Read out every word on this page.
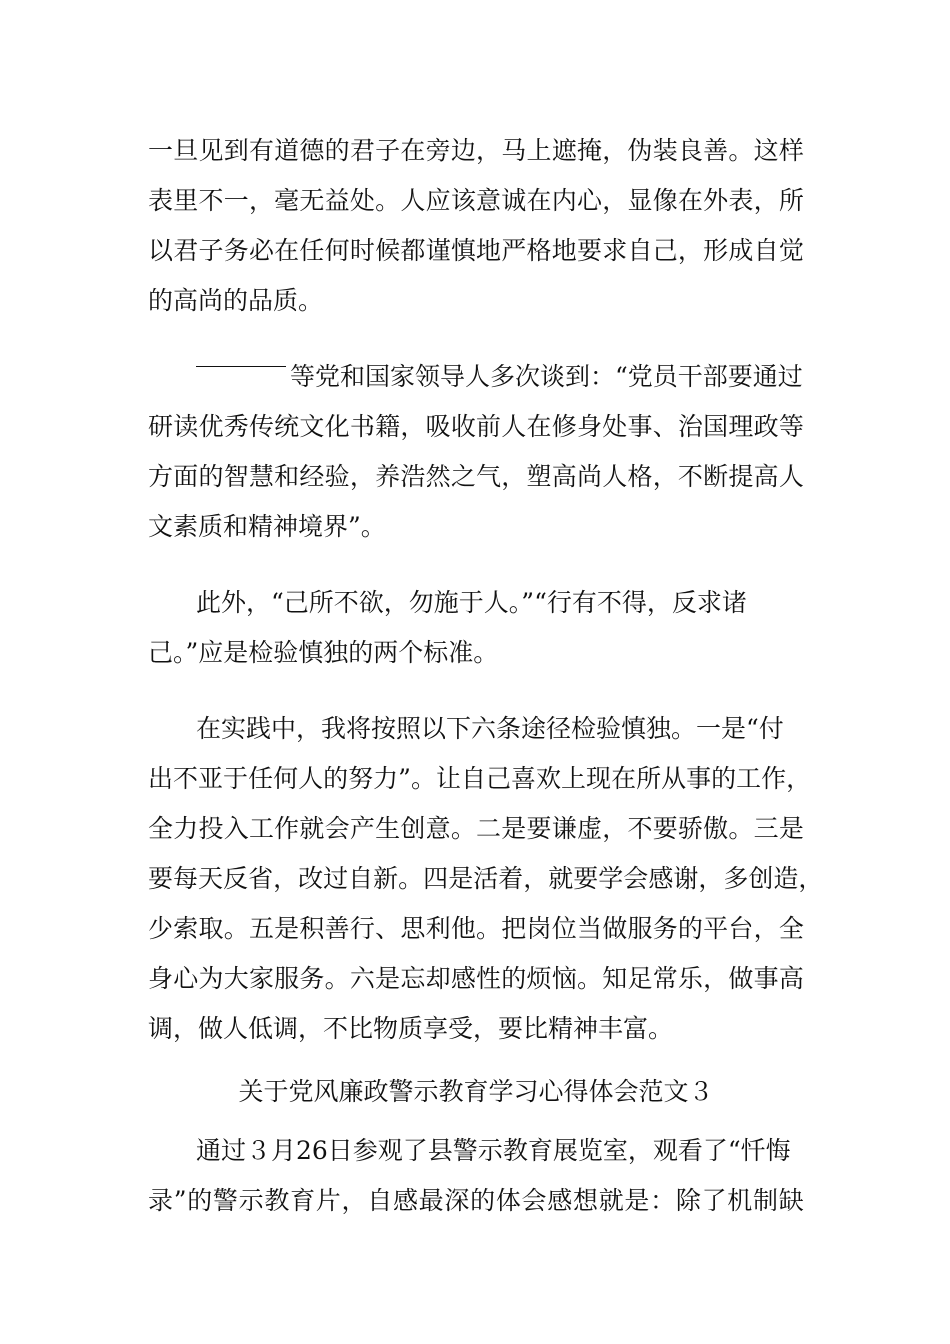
一 旦 见 到 有 道 德 的 君 子 在 旁 边 ， 马 上 遮 掩 ， 伪 装 良 善 。 这 样
表 里 不 一 ， 毫 无 益 处 。 人 应 该 意 诚 在 内 心 ， 显 像 在 外 表 ， 所
以 君 子 务 必 在 任 何 时 候 都 谨 慎 地 严 格 地 要 求 自 己 ， 形 成 自 觉
的高尚的品质。
等党和国家领导人多次谈到：“党员干部要通过
研 读 优 秀 传 统 文 化 书 籍 ， 吸 收 前 人 在 修 身 处 事 、 治 国 理 政 等
方 面 的 智 慧 和 经 验 ， 养 浩 然 之 气 ， 塑 高 尚 人 格 ， 不 断 提 高 人
文素质和精神境界”。
此外，“己所不欲，勿施于人。”“行有不得，反求诸
己。”应是检验慎独的两个标准。
在实践中，我将按照以下六条途径检验慎独。一是“付
出 不 亚 于 任 何 人 的 努 力 ” 。 让 自 己 喜 欢 上 现 在 所 从 事 的 工 作 ，
全 力 投 入 工 作 就 会 产 生 创 意 。 二 是 要 谦 虚 ， 不 要 骄 傲 。 三 是
要 每 天 反 省 ， 改 过 自 新 。 四 是 活 着 ， 就 要 学 会 感 谢 ， 多 创 造 ，
少 索 取 。 五 是 积 善 行 、 思 利 他 。 把 岗 位 当 做 服 务 的 平 台 ， 全
身 心 为 大 家 服 务 。 六 是 忘 却 感 性 的 烦 恼 。 知 足 常 乐 ， 做 事 高
调，做人低调，不比物质享受，要比精神丰富。
关于党风廉政警示教育学习心得体会范文３
通过３月26日参观了县警示教育展览室，观看了“忏悔
录 ” 的 警 示 教 育 片 ， 自 感 最 深 的 体 会 感 想 就 是 ： 除 了 机 制 缺
